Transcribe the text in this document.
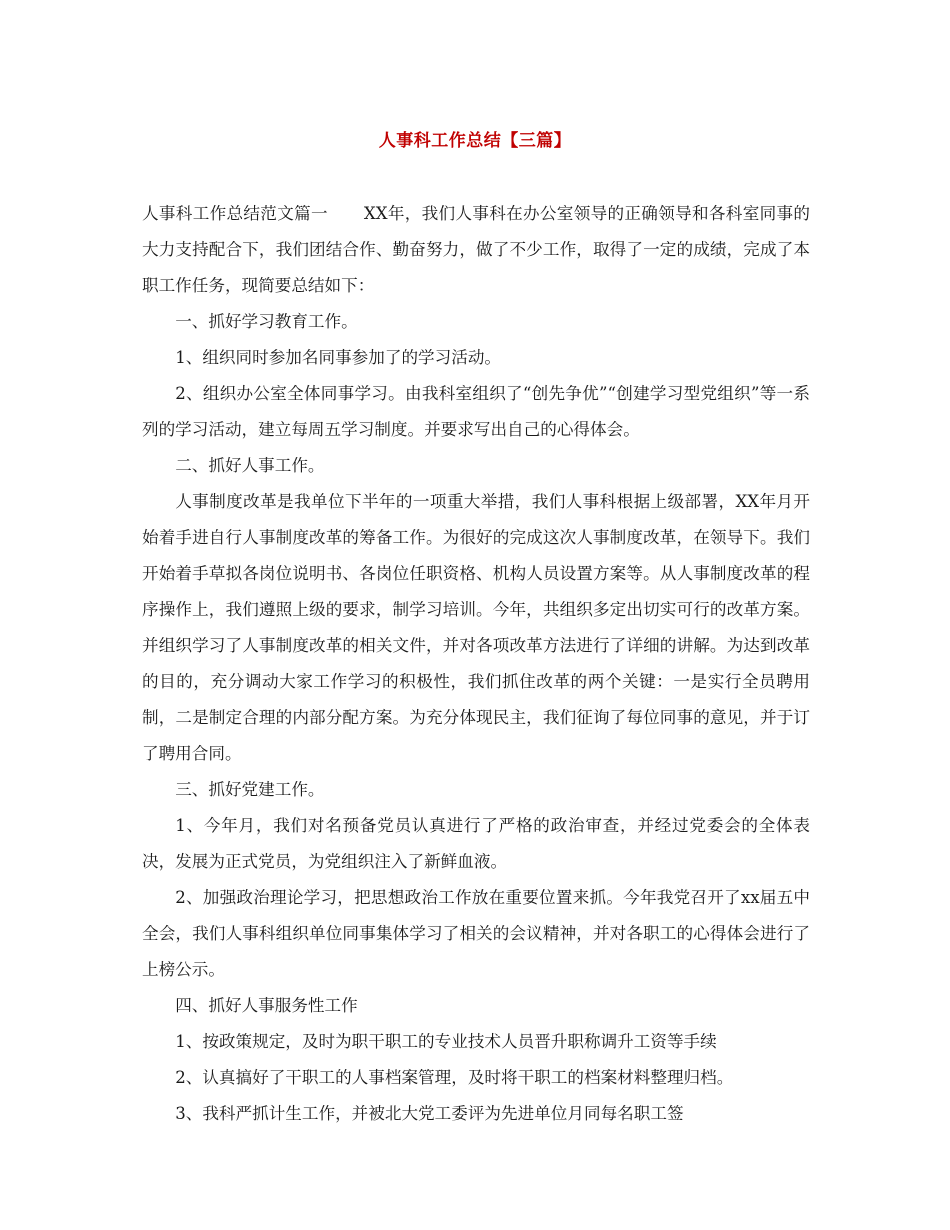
人事科工作总结【三篇】

人事科工作总结范文篇一 XX年，我们人事科在办公室领导的正确领导和各科室同事的大力支持配合下，我们团结合作、勤奋努力，做了不少工作，取得了一定的成绩，完成了本职工作任务，现简要总结如下：

一、抓好学习教育工作。

1、组织同时参加名同事参加了的学习活动。

2、组织办公室全体同事学习。由我科室组织了“创先争优”“创建学习型党组织”等一系列的学习活动，建立每周五学习制度。并要求写出自己的心得体会。

二、抓好人事工作。

人事制度改革是我单位下半年的一项重大举措，我们人事科根据上级部署，XX年月开始着手进自行人事制度改革的筹备工作。为很好的完成这次人事制度改革，在领导下。我们开始着手草拟各岗位说明书、各岗位任职资格、机构人员设置方案等。从人事制度改革的程序操作上，我们遵照上级的要求，制学习培训。今年，共组织多定出切实可行的改革方案。并组织学习了人事制度改革的相关文件，并对各项改革方法进行了详细的讲解。为达到改革的目的，充分调动大家工作学习的积极性，我们抓住改革的两个关键：一是实行全员聘用制，二是制定合理的内部分配方案。为充分体现民主，我们征询了每位同事的意见，并于订了聘用合同。

三、抓好党建工作。

1、今年月，我们对名预备党员认真进行了严格的政治审查，并经过党委会的全体表决，发展为正式党员，为党组织注入了新鲜血液。

2、加强政治理论学习，把思想政治工作放在重要位置来抓。今年我党召开了xx届五中全会，我们人事科组织单位同事集体学习了相关的会议精神，并对各职工的心得体会进行了上榜公示。

四、抓好人事服务性工作

1、按政策规定，及时为职干职工的专业技术人员晋升职称调升工资等手续

2、认真搞好了干职工的人事档案管理，及时将干职工的档案材料整理归档。

3、我科严抓计生工作，并被北大党工委评为先进单位月同每名职工签
